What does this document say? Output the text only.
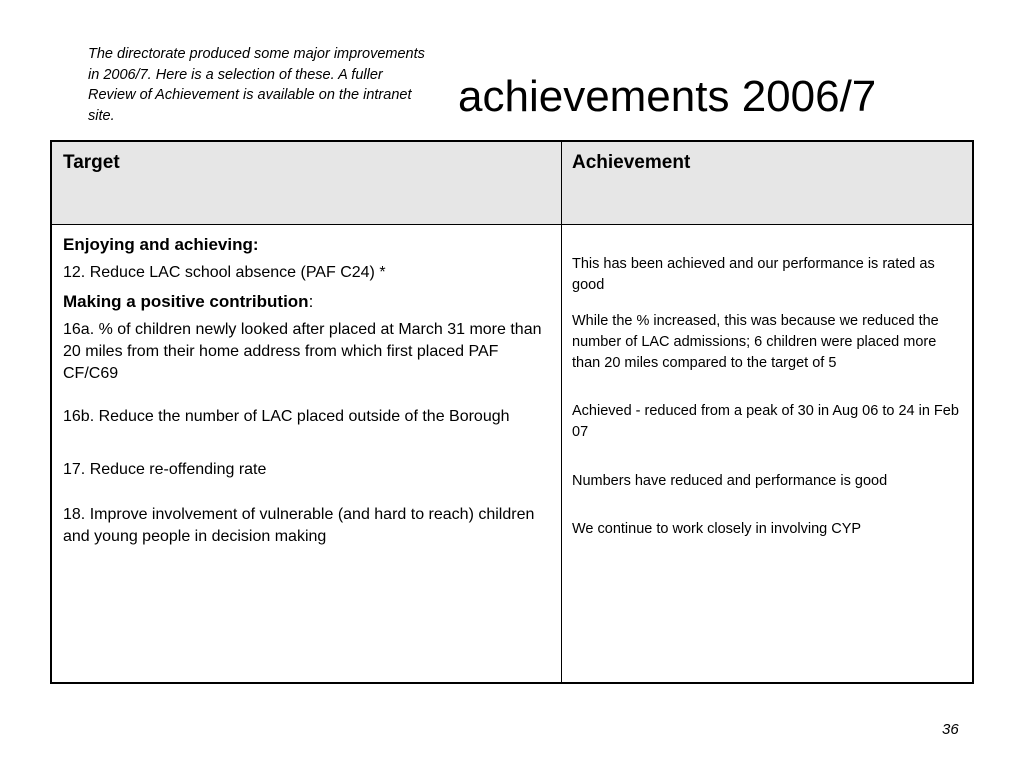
The directorate produced some major improvements in 2006/7. Here is a selection of these. A fuller Review of Achievement is available on the intranet site.	achievements 2006/7
Target	Achievement

Enjoying and achieving:

12. Reduce LAC school absence (PAF C24) *

Making a positive contribution:

16a. % of children newly looked after placed at March 31 more than 20 miles from their home address from which first placed PAF CF/C69

16b. Reduce the number of LAC placed outside of the Borough

17. Reduce re-offending rate

18. Improve involvement of vulnerable (and hard to reach) children and young people in decision making

This has been achieved and our performance is rated as good

While the % increased, this was because we reduced the number of LAC admissions; 6 children were placed more than 20 miles compared to the target of 5

Achieved - reduced from a peak of 30 in Aug 06 to 24 in Feb 07

Numbers have reduced and performance is good

We continue to work closely in involving CYP

36
